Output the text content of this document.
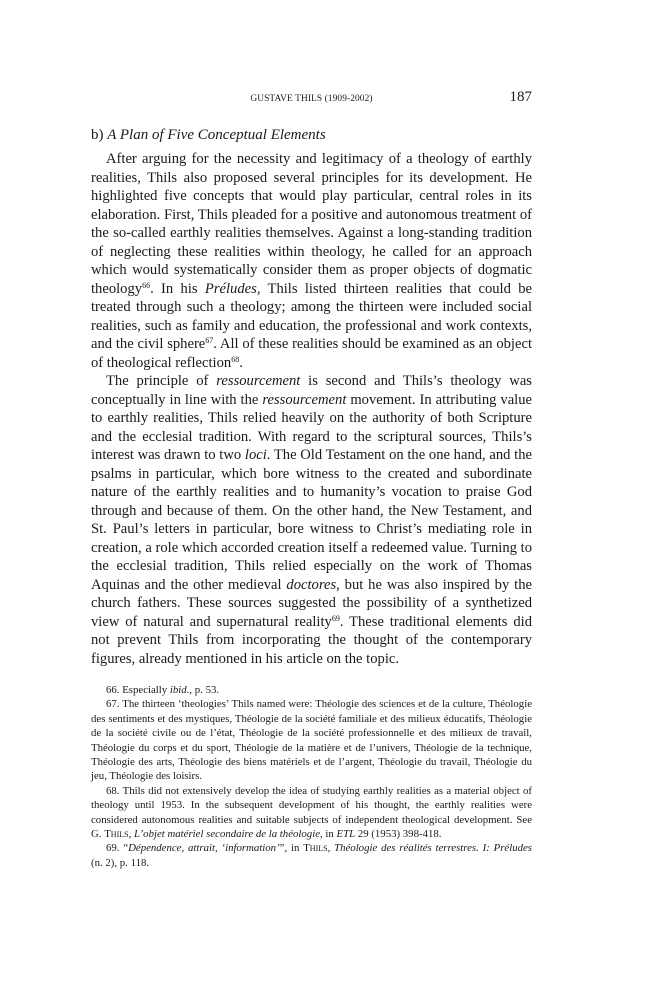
GUSTAVE THILS (1909-2002)	187
b) A Plan of Five Conceptual Elements

After arguing for the necessity and legitimacy of a theology of earthly realities, Thils also proposed several principles for its development. He highlighted five concepts that would play particular, central roles in its elaboration. First, Thils pleaded for a positive and autonomous treatment of the so-called earthly realities themselves. Against a long-standing tradition of neglecting these realities within theology, he called for an approach which would systematically consider them as proper objects of dogmatic theology$^{66}$. In his Préludes, Thils listed thirteen realities that could be treated through such a theology; among the thirteen were included social realities, such as family and education, the professional and work contexts, and the civil sphere$^{67}$. All of these realities should be examined as an object of theological reflection$^{68}$.

The principle of ressourcement is second and Thils’s theology was conceptually in line with the ressourcement movement. In attributing value to earthly realities, Thils relied heavily on the authority of both Scripture and the ecclesial tradition. With regard to the scriptural sources, Thils’s interest was drawn to two loci. The Old Testament on the one hand, and the psalms in particular, which bore witness to the created and subordinate nature of the earthly realities and to humanity’s vocation to praise God through and because of them. On the other hand, the New Testament, and St. Paul’s letters in particular, bore witness to Christ’s mediating role in creation, a role which accorded creation itself a redeemed value. Turning to the ecclesial tradition, Thils relied especially on the work of Thomas Aquinas and the other medieval doctores, but he was also inspired by the church fathers. These sources suggested the possibility of a synthetized view of natural and supernatural reality$^{69}$. These traditional elements did not prevent Thils from incorporating the thought of the contemporary figures, already mentioned in his article on the topic.

66. Especially ibid., p. 53.

67. The thirteen ‘theologies’ Thils named were: Théologie des sciences et de la culture, Théologie des sentiments et des mystiques, Théologie de la société familiale et des milieux éducatifs, Théologie de la société civile ou de l’état, Théologie de la société professionnelle et des milieux de travail, Théologie du corps et du sport, Théologie de la matière et de l’univers, Théologie de la technique, Théologie des arts, Théologie des biens matériels et de l’argent, Théologie du travail, Théologie du jeu, Théologie des loisirs.

68. Thils did not extensively develop the idea of studying earthly realities as a material object of theology until 1953. In the subsequent development of his thought, the earthly realities were considered autonomous realities and suitable subjects of independent theological development. See G. Thils, L’objet matériel secondaire de la théologie, in ETL 29 (1953) 398-418.

69. “Dépendence, attrait, ‘information’”, in Thils, Théologie des réalités terrestres. I: Préludes (n. 2), p. 118.
